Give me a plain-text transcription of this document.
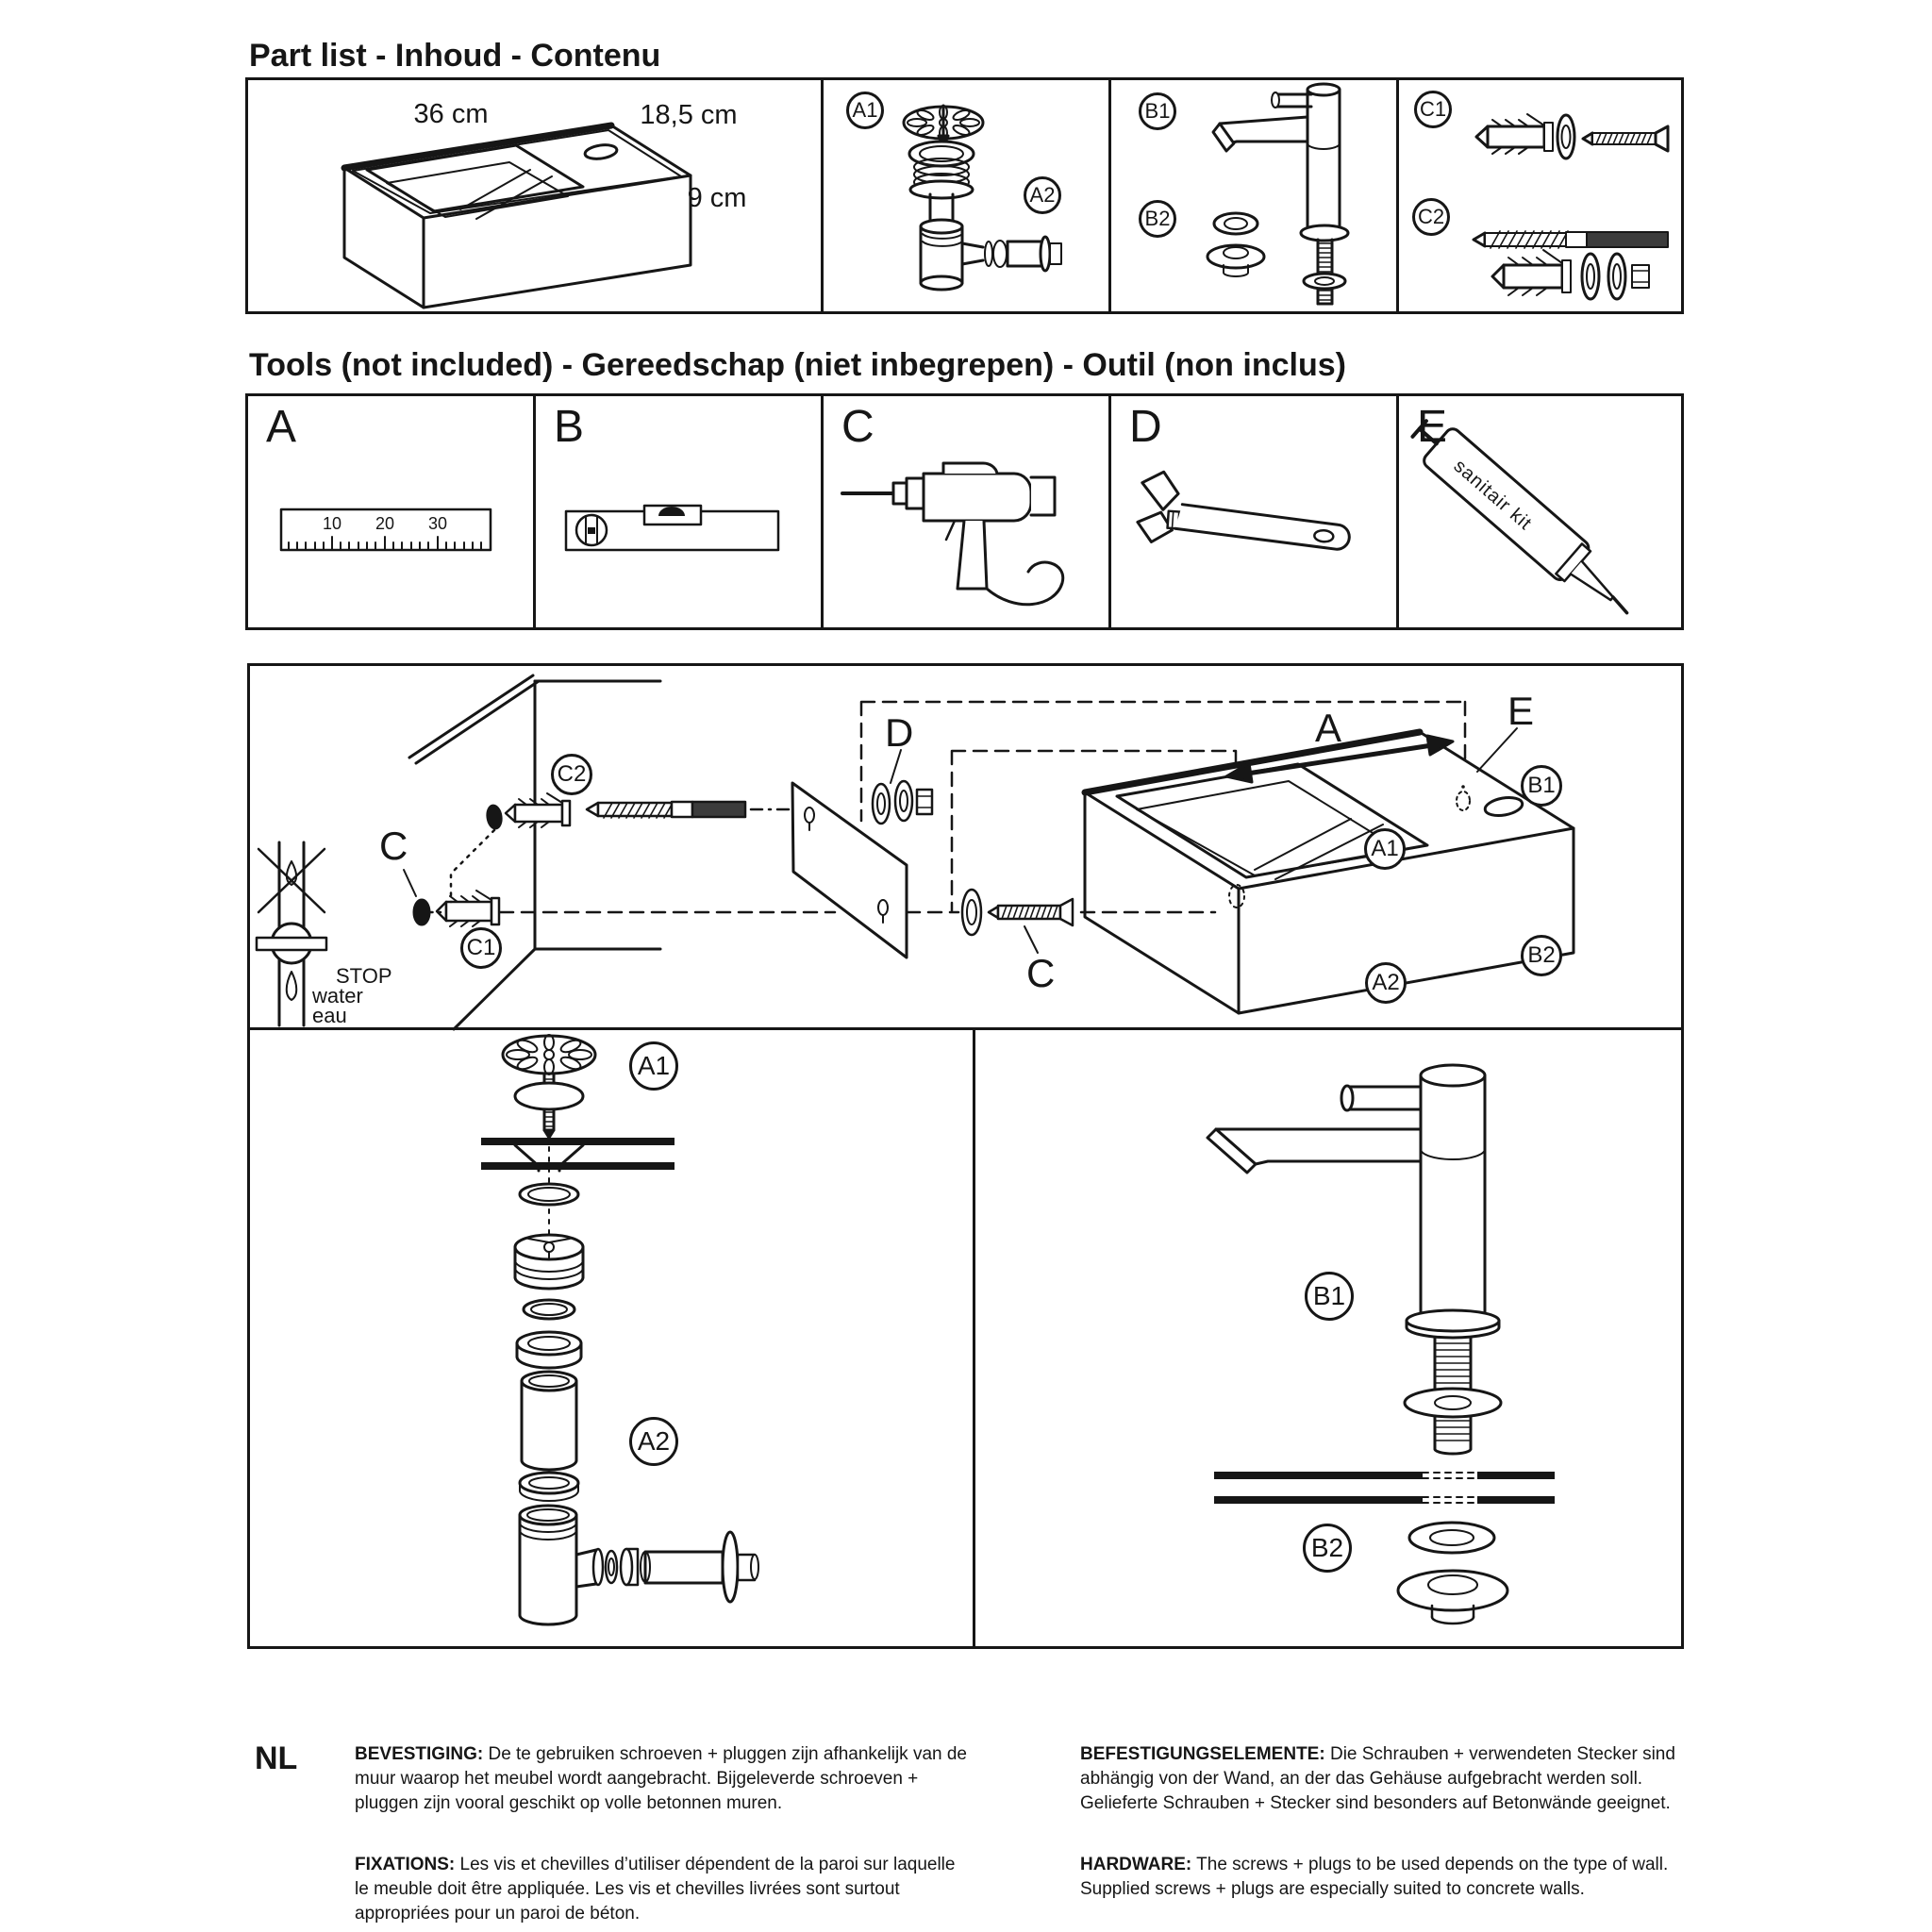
Part list - Inhoud - Contenu
Tools (not included) - Gereedschap (niet inbegrepen) - Outil (non inclus)
36 cm	18,5 cm
9 cm
A1
A2
B1
B2
C1
C2
A	B	C	D	E
10	20	30	sanitair kit
STOP
water
eau
C2
C1
C
D
C
A	E
A1
B1
B2
A2
A1
A2
B1
B2
NL	BEVESTIGING: De te gebruiken schroeven + pluggen zijn afhankelijk van de muur waarop het meubel wordt aangebracht. Bijgeleverde schroeven + pluggen zijn vooral geschikt op volle betonnen muren.
FIXATIONS: Les vis et chevilles d’utiliser dépendent de la paroi sur laquelle le meuble doit être appliquée. Les vis et chevilles livrées sont surtout appropriées pour un paroi de béton.
BEFESTIGUNGSELEMENTE: Die Schrauben + verwendeten Stecker sind abhängig von der Wand, an der das Gehäuse aufgebracht werden soll. Gelieferte Schrauben + Stecker sind besonders auf Betonwände geeignet.
HARDWARE: The screws + plugs to be used depends on the type of wall. Supplied screws + plugs are especially suited to concrete walls.
